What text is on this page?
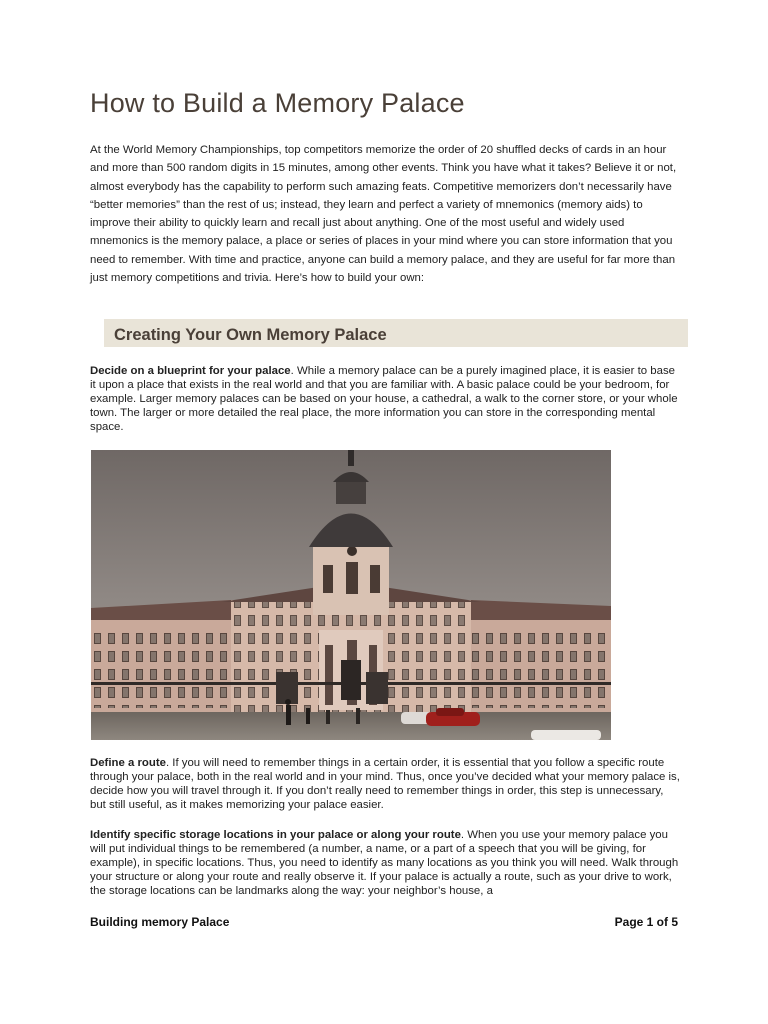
How to Build a Memory Palace

At the World Memory Championships, top competitors memorize the order of 20 shuffled decks of cards in an hour and more than 500 random digits in 15 minutes, among other events. Think you have what it takes? Believe it or not, almost everybody has the capability to perform such amazing feats. Competitive memorizers don’t necessarily have “better memories” than the rest of us; instead, they learn and perfect a variety of mnemonics (memory aids) to improve their ability to quickly learn and recall just about anything. One of the most useful and widely used mnemonics is the memory palace, a place or series of places in your mind where you can store information that you need to remember. With time and practice, anyone can build a memory palace, and they are useful for far more than just memory competitions and trivia. Here’s how to build your own:

Creating Your Own Memory Palace

Decide on a blueprint for your palace. While a memory palace can be a purely imagined place, it is easier to base it upon a place that exists in the real world and that you are familiar with. A basic palace could be your bedroom, for example. Larger memory palaces can be based on your house, a cathedral, a walk to the corner store, or your whole town. The larger or more detailed the real place, the more information you can store in the corresponding mental space.

Define a route. If you will need to remember things in a certain order, it is essential that you follow a specific route through your palace, both in the real world and in your mind. Thus, once you’ve decided what your memory palace is, decide how you will travel through it. If you don’t really need to remember things in order, this step is unnecessary, but still useful, as it makes memorizing your palace easier.

Identify specific storage locations in your palace or along your route. When you use your memory palace you will put individual things to be remembered (a number, a name, or a part of a speech that you will be giving, for example), in specific locations. Thus, you need to identify as many locations as you think you will need. Walk through your structure or along your route and really observe it. If your palace is actually a route, such as your drive to work, the storage locations can be landmarks along the way: your neighbor’s house, a

Building memory Palace	Page 1 of 5
